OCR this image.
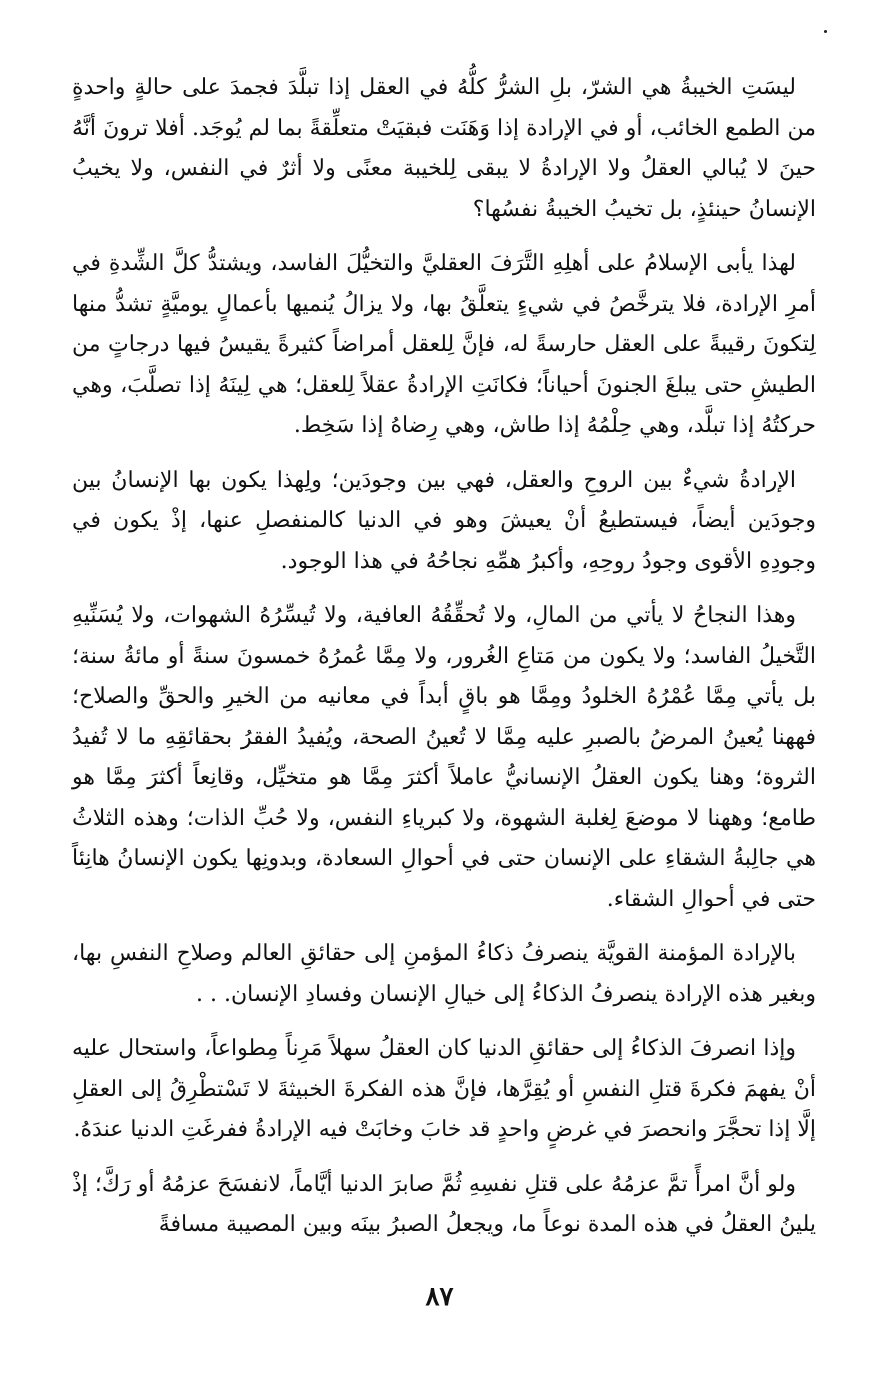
ليسَتِ الخيبةُ هي الشرّ، بلِ الشرُّ كلُّهُ في العقل إذا تبلَّدَ فجمدَ على حالةٍ واحدةٍ من الطمع الخائب، أو في الإرادة إذا وَهَنَت فبقيَتْ متعلِّقةً بما لم يُوجَد. أفلا ترونَ أنَّهُ حينَ لا يُبالي العقلُ ولا الإرادةُ لا يبقى لِلخيبة معنًى ولا أثرٌ في النفس، ولا يخيبُ الإنسانُ حينئذٍ، بل تخيبُ الخيبةُ نفسُها؟

لهذا يأبى الإسلامُ على أهلِهِ التَّرَفَ العقليَّ والتخيُّلَ الفاسد، ويشتدُّ كلَّ الشِّدةِ في أمرِ الإرادة، فلا يترخَّصُ في شيءٍ يتعلَّقُ بها، ولا يزالُ يُنميها بأعمالٍ يوميَّةٍ تشدُّ منها لِتكونَ رقيبةً على العقل حارسةً له، فإنَّ لِلعقل أمراضاً كثيرةً يقيسُ فيها درجاتٍ من الطيشِ حتى يبلغَ الجنونَ أحياناً؛ فكانَتِ الإرادةُ عقلاً لِلعقل؛ هي لِينَهُ إذا تصلَّبَ، وهي حركتُهُ إذا تبلَّد، وهي حِلْمُهُ إذا طاش، وهي رِضاهُ إذا سَخِط.

الإرادةُ شيءٌ بين الروحِ والعقل، فهي بين وجودَين؛ ولِهذا يكون بها الإنسانُ بين وجودَين أيضاً، فيستطيعُ أنْ يعيشَ وهو في الدنيا كالمنفصلِ عنها، إذْ يكون في وجودِهِ الأقوى وجودُ روحِهِ، وأكبرُ همِّهِ نجاحُهُ في هذا الوجود.

وهذا النجاحُ لا يأتي من المالِ، ولا تُحقِّقُهُ العافية، ولا تُيسِّرُهُ الشهوات، ولا يُسَنِّيهِ التَّخيلُ الفاسد؛ ولا يكون من مَتاعِ الغُرور، ولا مِمَّا عُمرُهُ خمسونَ سنةً أو مائةُ سنة؛ بل يأتي مِمَّا عُمْرُهُ الخلودُ ومِمَّا هو باقٍ أبداً في معانيه من الخيرِ والحقِّ والصلاح؛ فههنا يُعينُ المرضُ بالصبرِ عليه مِمَّا لا تُعينُ الصحة، ويُفيدُ الفقرُ بحقائقِهِ ما لا تُفيدُ الثروة؛ وهنا يكون العقلُ الإنسانيُّ عاملاً أكثرَ مِمَّا هو متخيِّل، وقانِعاً أكثرَ مِمَّا هو طامع؛ وههنا لا موضعَ لِغلبة الشهوة، ولا كبرياءِ النفس، ولا حُبِّ الذات؛ وهذه الثلاثُ هي جالِبةُ الشقاءِ على الإنسان حتى في أحوالِ السعادة، وبدونِها يكون الإنسانُ هانِئاً حتى في أحوالِ الشقاء.

بالإرادة المؤمنة القويَّة ينصرفُ ذكاءُ المؤمنِ إلى حقائقِ العالم وصلاحِ النفسِ بها، وبغير هذه الإرادة ينصرفُ الذكاءُ إلى خيالِ الإنسان وفسادِ الإنسان. . .

وإذا انصرفَ الذكاءُ إلى حقائقِ الدنيا كان العقلُ سهلاً مَرِناً مِطواعاً، واستحال عليه أنْ يفهمَ فكرةَ قتلِ النفسِ أو يُقِرَّها، فإنَّ هذه الفكرةَ الخبيثةَ لا تَسْتطْرِقُ إلى العقلِ إلَّا إذا تحجَّرَ وانحصرَ في غرضٍ واحدٍ قد خابَ وخابَتْ فيه الإرادةُ ففرغَتِ الدنيا عندَهُ.

ولو أنَّ امرأً تمَّ عزمُهُ على قتلِ نفسِهِ ثُمَّ صابرَ الدنيا أيَّاماً، لانفسَحَ عزمُهُ أو رَكَّ؛ إذْ يلينُ العقلُ في هذه المدة نوعاً ما، ويجعلُ الصبرُ بينَه وبين المصيبة مسافةً

٨٧
